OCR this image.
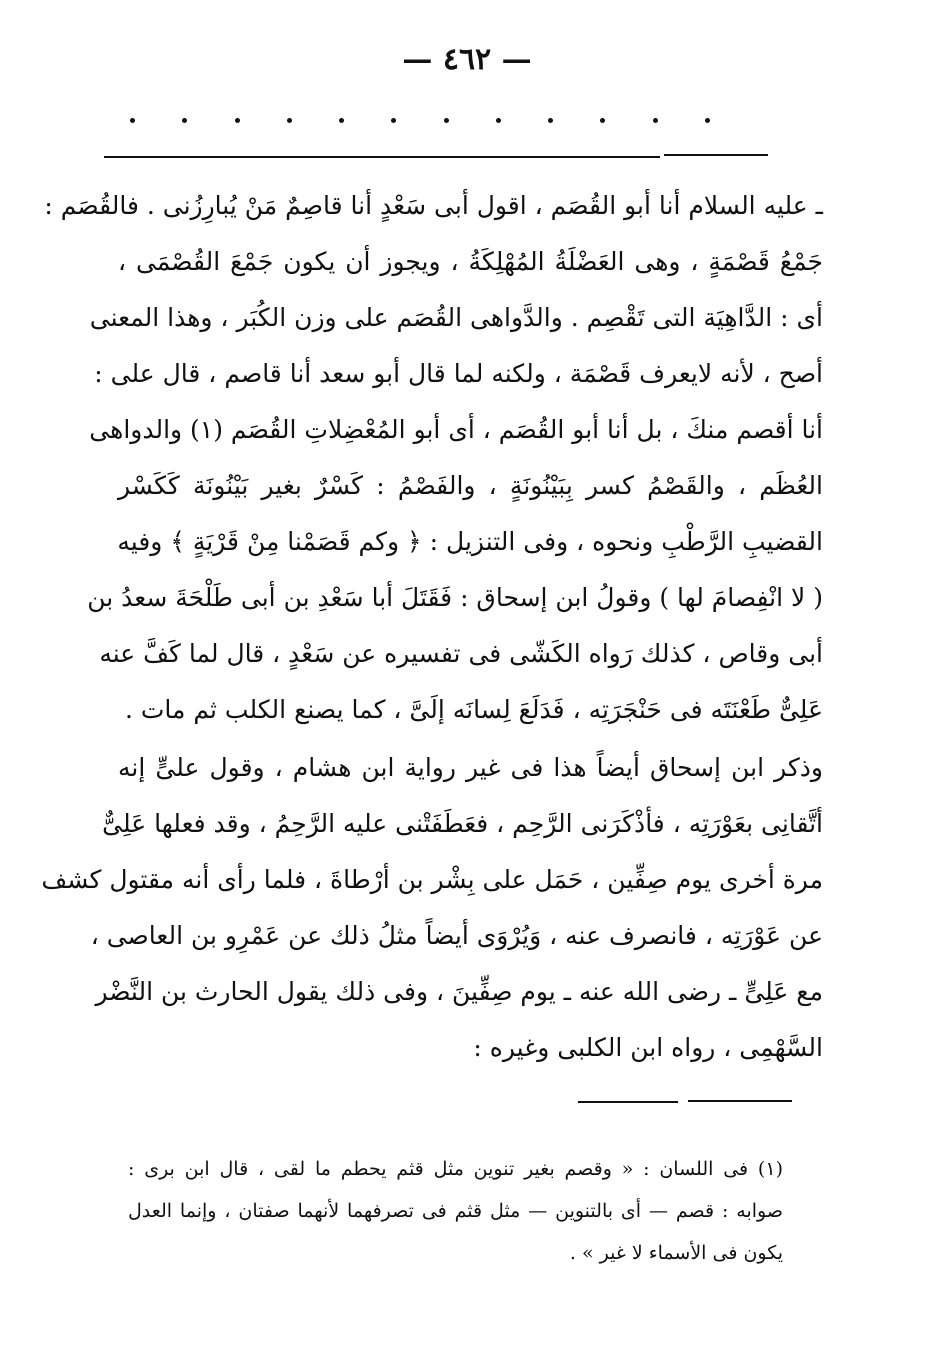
— ٤٦٢ —
ـ عليه السلام أنا أبو القُصَم ، اقول أبى سَعْدٍ أنا قاصِمٌ مَنْ يُبارِزُنى . فالقُصَم :
جَمْعُ قَصْمَةٍ ، وهى العَضْلَةُ المُهْلِكَةُ ، ويجوز أن يكون جَمْعَ القُصْمَى ،
أى : الدَّاهِيَة التى تَقْصِم . والدَّواهى القُصَم على وزن الكُبَر ، وهذا المعنى
أصح ، لأنه لايعرف قَصْمَة ، ولكنه لما قال أبو سعد أنا قاصم ، قال على :
أنا أقصم منكَ ، بل أنا أبو القُصَم ، أى أبو المُعْضِلاتِ القُصَم (١) والدواهى
العُظَم ، والقَصْمُ كسر بِبَيْنُونَةٍ ، والفَصْمُ : كَسْرٌ بغير بَيْنُونَة كَكَسْر
القضيبِ الرَّطْبِ ونحوه ، وفى التنزيل : ﴿ وكم قَصَمْنا مِنْ قَرْيَةٍ ﴾ وفيه
( لا انْفِصامَ لها ) وقولُ ابن إسحاق : فَقَتَلَ أبا سَعْدِ بن أبى طَلْحَةَ سعدُ بن
أبى وقاص ، كذلك رَواه الكَشّى فى تفسيره عن سَعْدٍ ، قال لما كَفَّ عنه
عَلِىٌّ طَعْنَتَه فى حَنْجَرَتِه ، فَدَلَعَ لِسانَه إلَىَّ ، كما يصنع الكلب ثم مات .
وذكر ابن إسحاق أيضاً هذا فى غير رواية ابن هشام ، وقول علىٍّ إنه
أتَّقانِى بعَوْرَتِه ، فأذْكَرَنى الرَّحِم ، فعَطَفَتْنى عليه الرَّحِمُ ، وقد فعلها عَلِىٌّ
مرة أخرى يوم صِفِّين ، حَمَل على بِشْر بن أرْطاةَ ، فلما رأى أنه مقتول كشف
عن عَوْرَتِه ، فانصرف عنه ، وَيُرْوَى أيضاً مثلُ ذلك عن عَمْرِو بن العاصى ،
مع عَلِىٍّ ـ رضى الله عنه ـ يوم صِفِّينَ ، وفى ذلك يقول الحارث بن النَّضْر
السَّهْمِى ، رواه ابن الكلبى وغيره :
(١) فى اللسان : « وقصم بغير تنوين مثل قثم يحطم ما لقى ، قال ابن برى :
صوابه : قصم — أى بالتنوين — مثل قثم فى تصرفهما لأنهما صفتان ، وإنما العدل
يكون فى الأسماء لا غير » .
